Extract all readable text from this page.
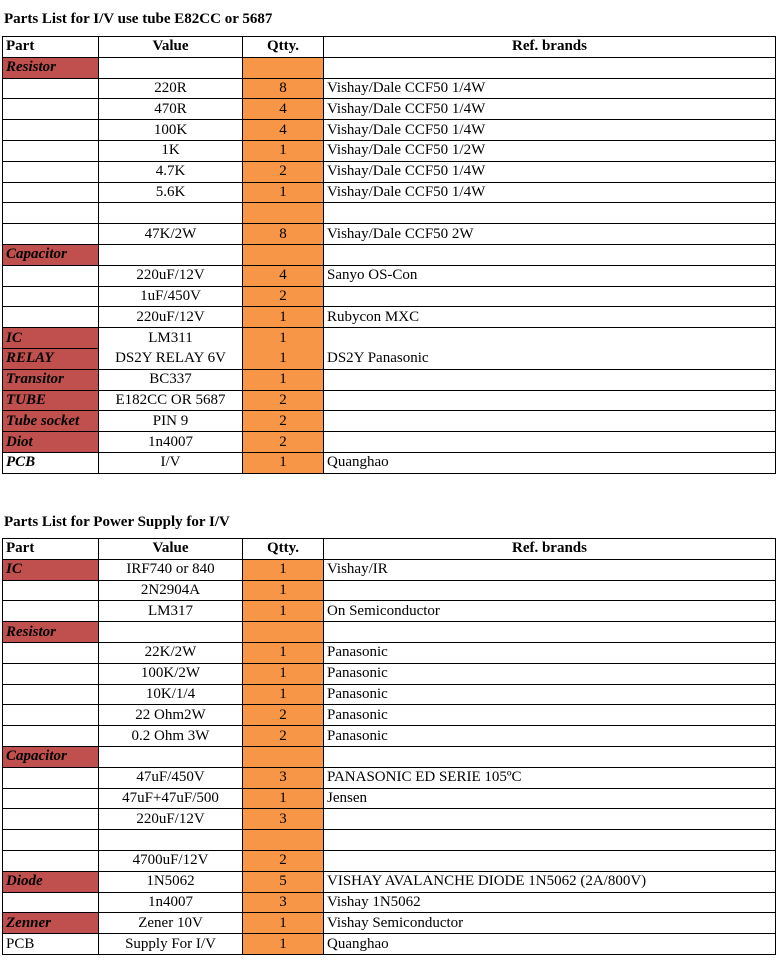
Parts List for I/V use tube E82CC or 5687
Part	Value	Qtty.	Ref. brands
Resistor			
	220R	8	Vishay/Dale CCF50 1/4W
	470R	4	Vishay/Dale CCF50 1/4W
	100K	4	Vishay/Dale CCF50 1/4W
	1K	1	Vishay/Dale CCF50 1/2W
	4.7K	2	Vishay/Dale CCF50 1/4W
	5.6K	1	Vishay/Dale CCF50 1/4W

	47K/2W	8	Vishay/Dale CCF50 2W
Capacitor			
	220uF/12V	4	Sanyo OS-Con
	1uF/450V	2	
	220uF/12V	1	Rubycon MXC
IC	LM311	1	
RELAY	DS2Y RELAY 6V	1	DS2Y Panasonic
Transitor	BC337	1	
TUBE	E182CC OR 5687	2	
Tube socket	PIN 9	2	
Diot	1n4007	2	
PCB	I/V	1	Quanghao
Parts List for Power Supply for I/V
Part	Value	Qtty.	Ref. brands
IC	IRF740 or 840	1	Vishay/IR
	2N2904A	1	
	LM317	1	On Semiconductor
Resistor			
	22K/2W	1	Panasonic
	100K/2W	1	Panasonic
	10K/1/4	1	Panasonic
	22 Ohm2W	2	Panasonic
	0.2 Ohm 3W	2	Panasonic
Capacitor			
	47uF/450V	3	PANASONIC ED SERIE 105ºC
	47uF+47uF/500	1	Jensen
	220uF/12V	3	

	4700uF/12V	2	
Diode	1N5062	5	VISHAY AVALANCHE DIODE 1N5062 (2A/800V)
	1n4007	3	Vishay 1N5062
Zenner	Zener 10V	1	Vishay Semiconductor
PCB	Supply For I/V	1	Quanghao
